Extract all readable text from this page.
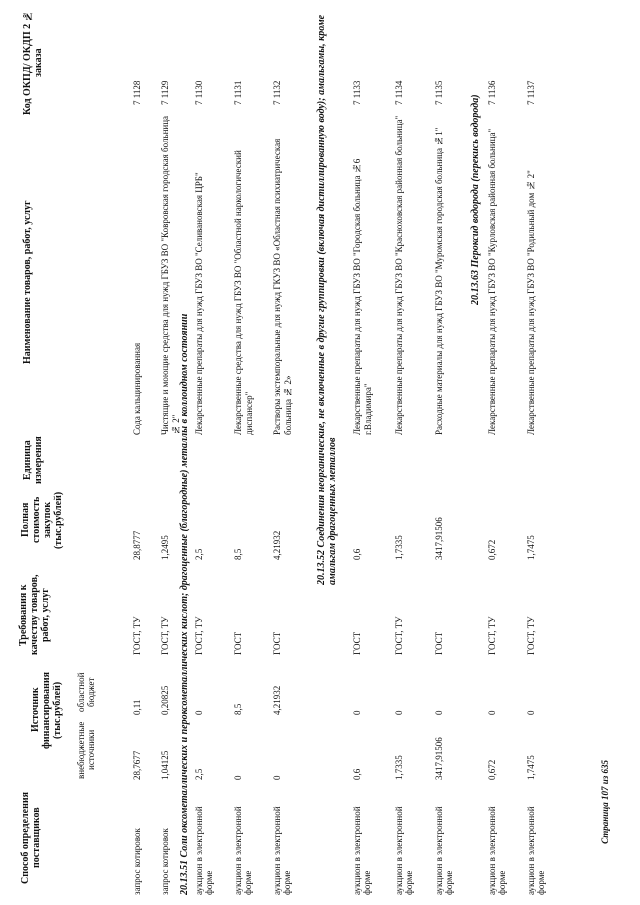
Код ОКПД/ ОКДП 2 № заказа
Наименование товаров, работ, услуг
Единица измерения
Полная стоимость закупок (тыс.рублей)
Требования к качеству товаров, работ, услуг
Источник финансирования (тыс.рублей) областной бюджет
внебюджетные источники
Способ определения поставщиков
7 1128
Сода кальцинированная
28,8777
ГОСТ, ТУ
0,11
28,7677
запрос котировок
7 1129
Чистящие и моющие средства для нужд ГБУЗ ВО "Ковровская городская больница № 2"
1,2495
ГОСТ, ТУ
0,20825
1,04125
запрос котировок
7 1130
Лекарственные препараты для нужд ГБУЗ ВО "Селивановская ЦРБ"
2,5
ГОСТ, ТУ
0
2,5
аукцион в электронной форме
7 1131
Лекарственные средства для нужд ГБУЗ ВО "Областной наркологический диспансер"
8,5
ГОСТ
8,5
0
аукцион в электронной форме
7 1132
Растворы экстемпоральные для нужд ГКУЗ ВО «Областная психиатрическая больница № 2»
4,21932
ГОСТ
4,21932
0
аукцион в электронной форме
7 1133
Лекарственные препараты для нужд ГБУЗ ВО "Городская больница №6 г.Владимира"
0,6
ГОСТ
0
0,6
аукцион в электронной форме
7 1134
Лекарственные препараты для нужд ГБУЗ ВО "Красноховская районная больница"
1,7335
ГОСТ, ТУ
0
1,7335
аукцион в электронной форме
7 1135
Расходные материалы для нужд ГБУЗ ВО "Муромская городская больница №1"
3417,91506
ГОСТ
0
3417,91506
аукцион в электронной форме
7 1136
Лекарственные препараты для нужд ГБУЗ ВО "Курловская районная больница"
0,672
ГОСТ, ТУ
0
0,672
аукцион в электронной форме
7 1137
Лекарственные препараты для нужд ГБУЗ ВО "Родильный дом № 2"
1,7475
ГОСТ, ТУ
0
1,7475
аукцион в электронной форме
20.13.51 Соли оксометаллических и пероксометаллических кислот; драгоценные (благородные) металлы в коллоидном состоянии
20.13.52 Соединения неорганические, не включенные в другие группировки (включая дистиллированную воду); амальгамы, кроме амальгам драгоценных металлов
20.13.63 Пероксид водорода (перекись водорода)
Страница 107 из 635
